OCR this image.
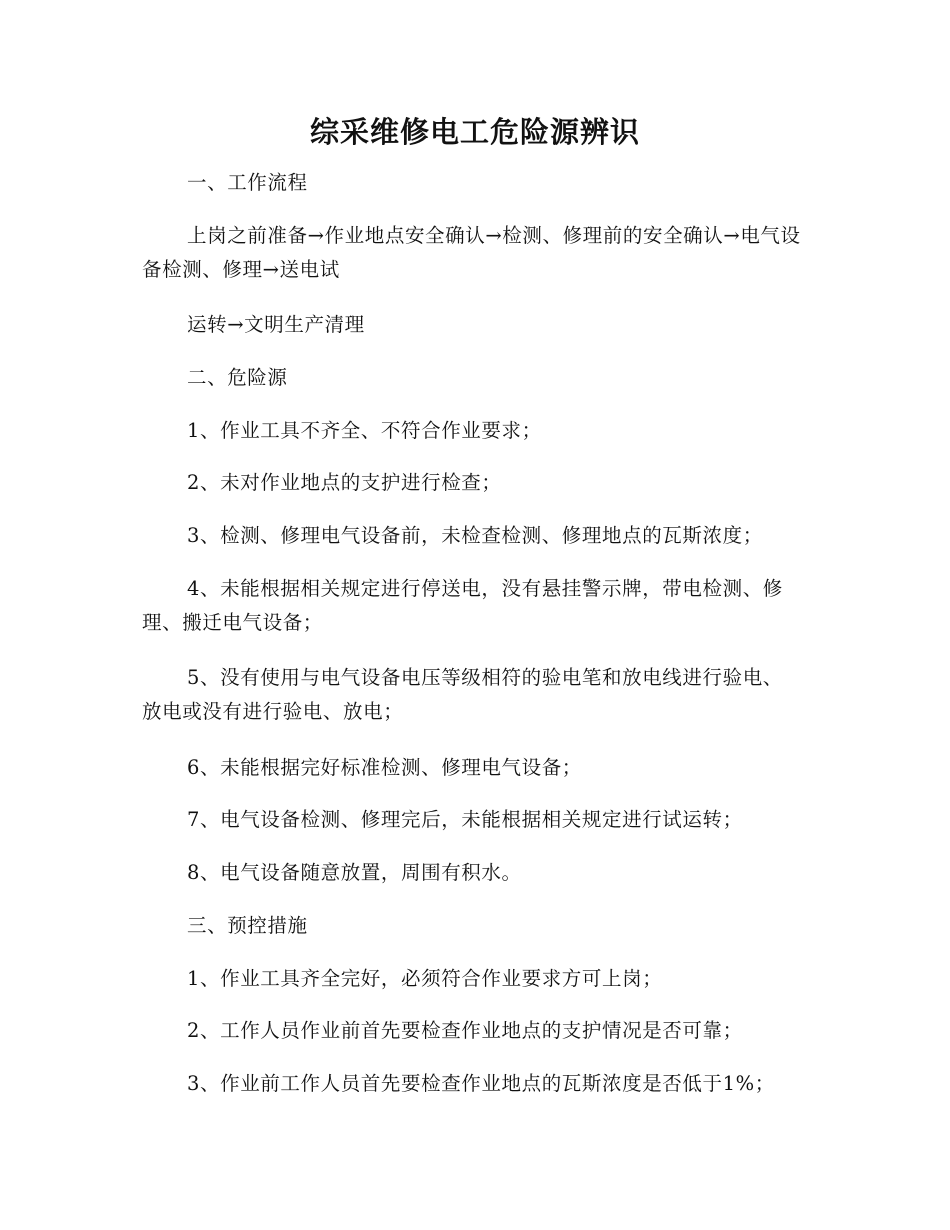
综采维修电工危险源辨识

一、工作流程

上岗之前准备→作业地点安全确认→检测、修理前的安全确认→电气设备检测、修理→送电试

运转→文明生产清理

二、危险源

1、作业工具不齐全、不符合作业要求；

2、未对作业地点的支护进行检查；

3、检测、修理电气设备前，未检查检测、修理地点的瓦斯浓度；

4、未能根据相关规定进行停送电，没有悬挂警示牌，带电检测、修理、搬迁电气设备；

5、没有使用与电气设备电压等级相符的验电笔和放电线进行验电、放电或没有进行验电、放电；

6、未能根据完好标准检测、修理电气设备；

7、电气设备检测、修理完后，未能根据相关规定进行试运转；

8、电气设备随意放置，周围有积水。

三、预控措施

1、作业工具齐全完好，必须符合作业要求方可上岗；

2、工作人员作业前首先要检查作业地点的支护情况是否可靠；

3、作业前工作人员首先要检查作业地点的瓦斯浓度是否低于1%；
